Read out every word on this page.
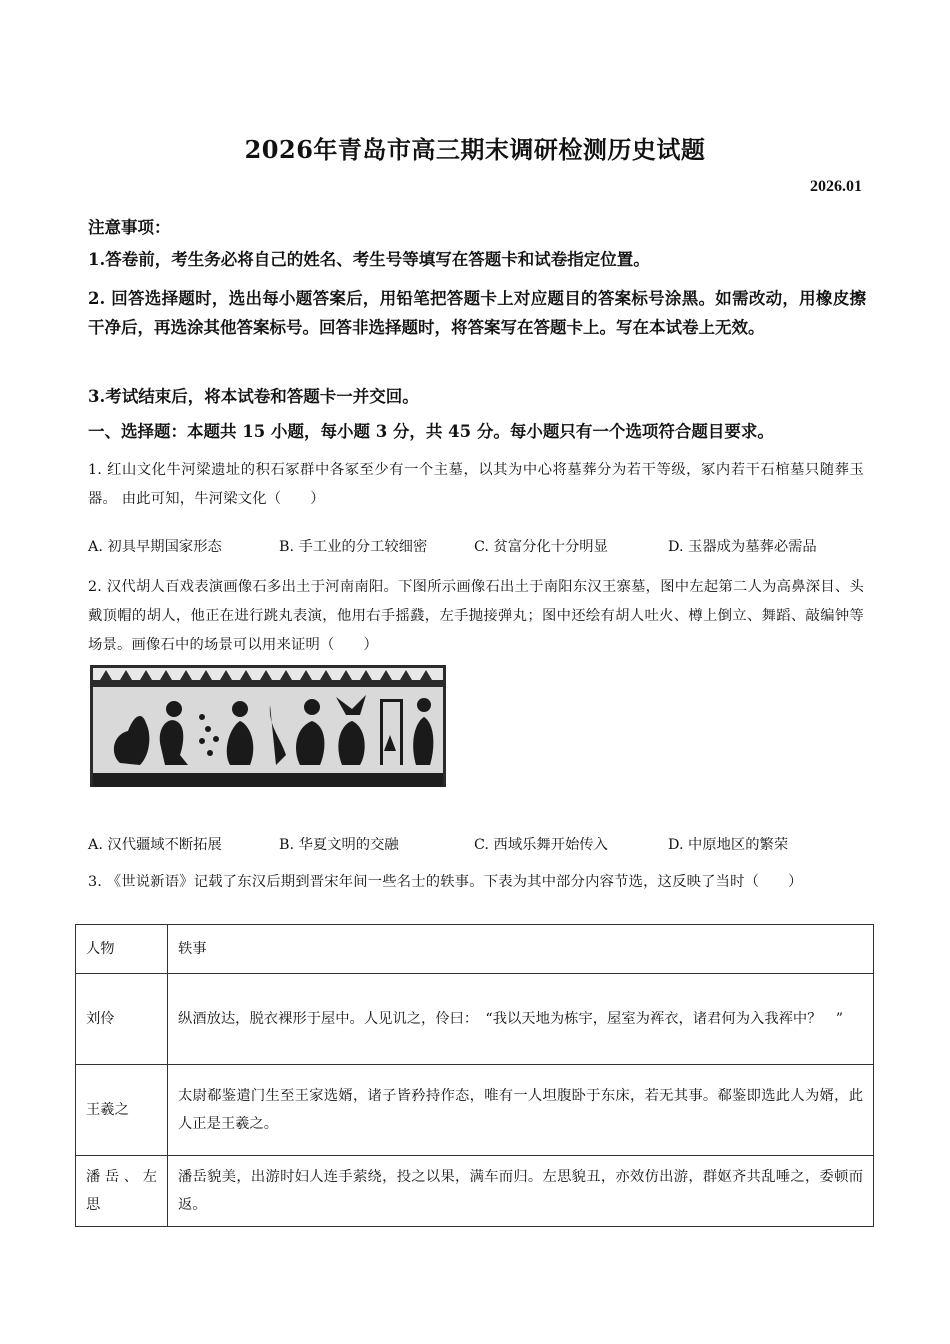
2026年青岛市高三期末调研检测历史试题
2026.01
注意事项：
1.答卷前，考生务必将自己的姓名、考生号等填写在答题卡和试卷指定位置。
2. 回答选择题时，选出每小题答案后，用铅笔把答题卡上对应题目的答案标号涂黑。如需改动，用橡皮擦干净后，再选涂其他答案标号。回答非选择题时，将答案写在答题卡上。写在本试卷上无效。
3.考试结束后，将本试卷和答题卡一并交回。
一、选择题：本题共 15 小题，每小题 3 分，共 45 分。每小题只有一个选项符合题目要求。
1. 红山文化牛河梁遗址的积石冢群中各冢至少有一个主墓，以其为中心将墓葬分为若干等级，冢内若干石棺墓只随葬玉器。 由此可知，牛河梁文化（　　）
A. 初具早期国家形态	B. 手工业的分工较细密	C. 贫富分化十分明显	D. 玉器成为墓葬必需品
2. 汉代胡人百戏表演画像石多出土于河南南阳。下图所示画像石出土于南阳东汉王寨墓，图中左起第二人为高鼻深目、头戴顶帽的胡人，他正在进行跳丸表演，他用右手摇鼗，左手抛接弹丸；图中还绘有胡人吐火、樽上倒立、舞蹈、敲编钟等场景。画像石中的场景可以用来证明（　　）
A. 汉代疆域不断拓展	B. 华夏文明的交融	C. 西域乐舞开始传入	D. 中原地区的繁荣
3. 《世说新语》记载了东汉后期到晋宋年间一些名士的轶事。下表为其中部分内容节选，这反映了当时（　　）
人物	轶事
刘伶	纵酒放达，脱衣裸形于屋中。人见讥之，伶曰：　“我以天地为栋宇，屋室为裈衣，诸君何为入我裈中？　”
王羲之	太尉郗鉴遣门生至王家选婿，诸子皆矜持作态，唯有一人坦腹卧于东床，若无其事。郗鉴即选此人为婿，此人正是王羲之。
潘岳、左思	潘岳貌美，出游时妇人连手萦绕，投之以果，满车而归。左思貌丑，亦效仿出游，群妪齐共乱唾之，委顿而返。
